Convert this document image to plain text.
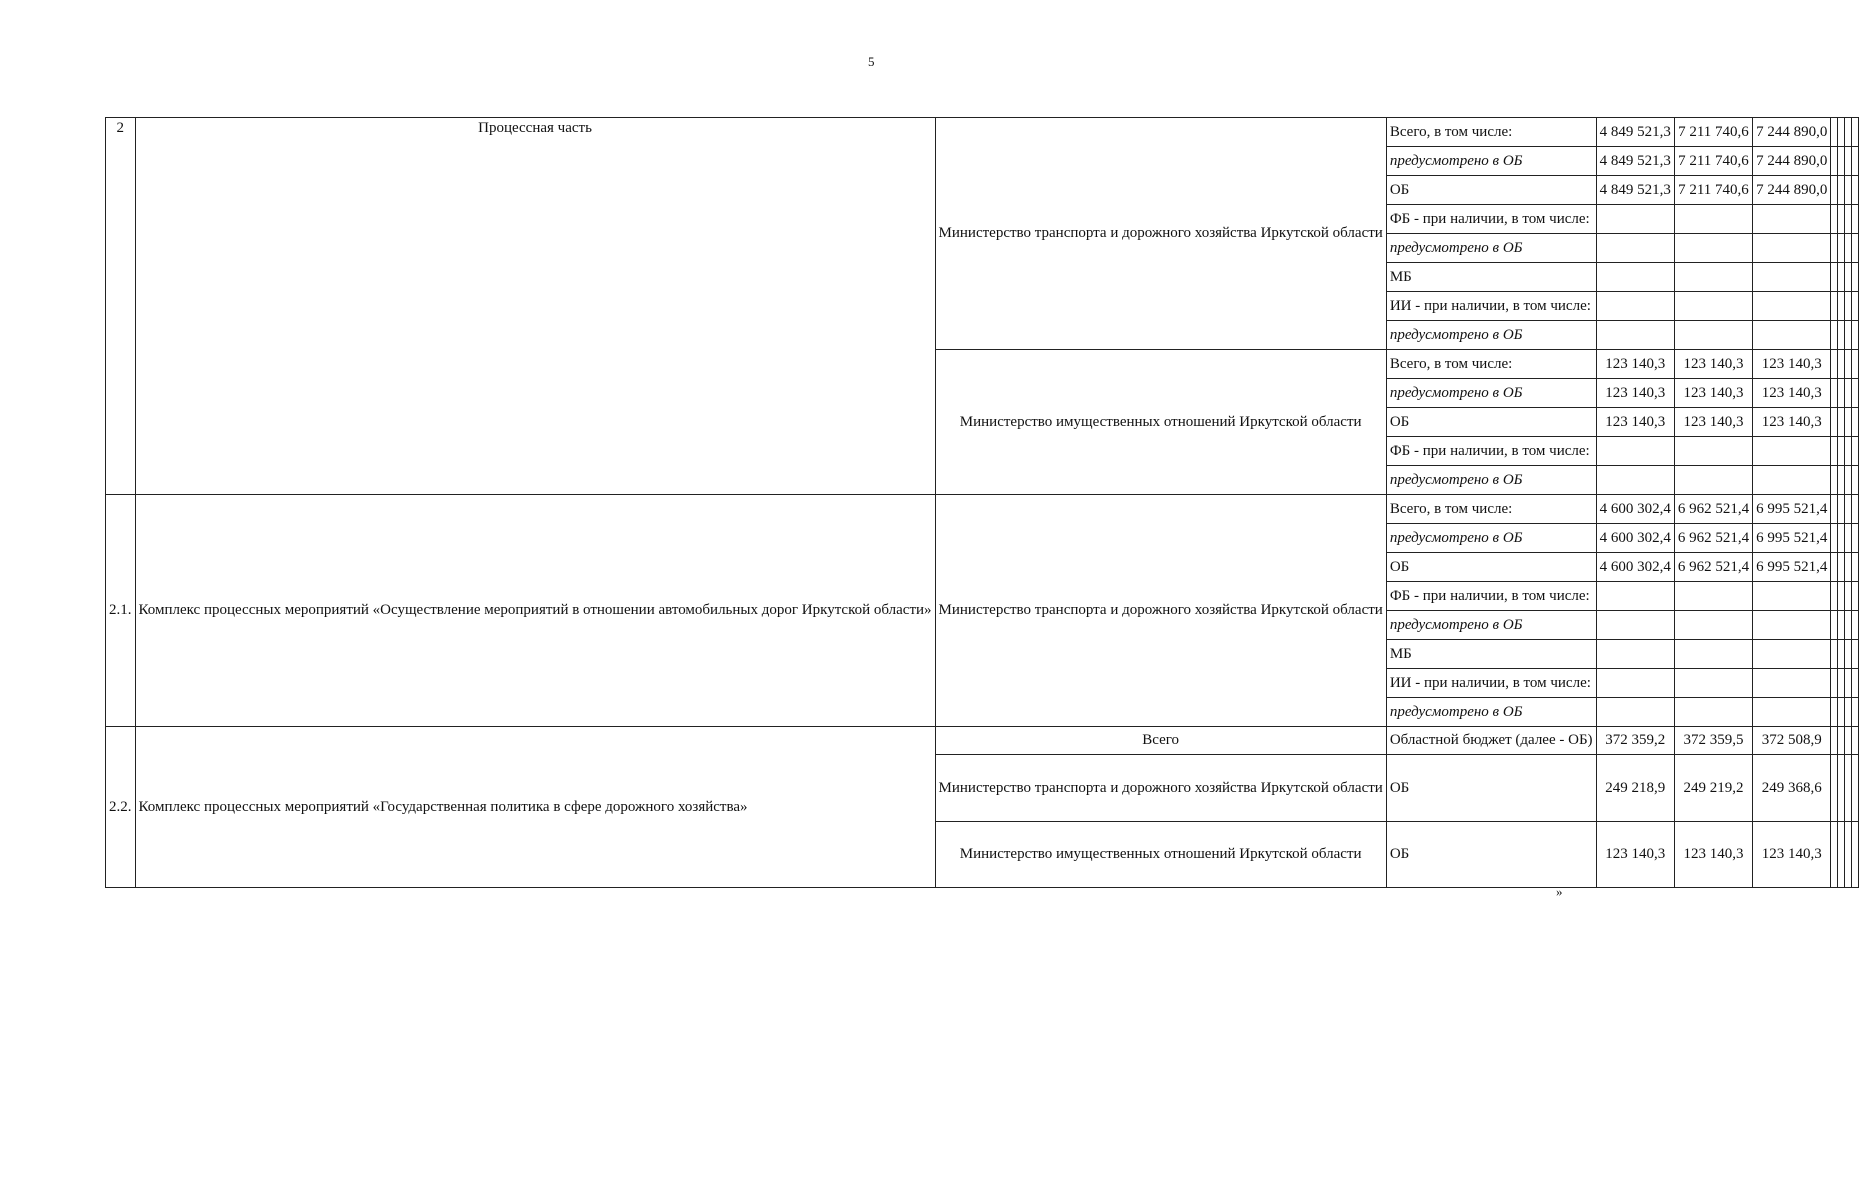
5
2	Процессная часть	Министерство транспорта и дорожного хозяйства Иркутской области	Всего, в том числе:	4 849 521,3	7 211 740,6	7 244 890,0				
			предусмотрено в ОБ	4 849 521,3	7 211 740,6	7 244 890,0				
			ОБ	4 849 521,3	7 211 740,6	7 244 890,0				
			ФБ - при наличии, в том числе:							
			предусмотрено в ОБ							
			МБ							
			ИИ - при наличии, в том числе:							
			предусмотрено в ОБ							
		Министерство имущественных отношений Иркутской области	Всего, в том числе:	123 140,3	123 140,3	123 140,3				
			предусмотрено в ОБ	123 140,3	123 140,3	123 140,3				
			ОБ	123 140,3	123 140,3	123 140,3				
			ФБ - при наличии, в том числе:							
			предусмотрено в ОБ							
2.1.	Комплекс процессных мероприятий «Осуществление мероприятий в отношении автомобильных дорог Иркутской области»	Министерство транспорта и дорожного хозяйства Иркутской области	Всего, в том числе:	4 600 302,4	6 962 521,4	6 995 521,4				
			предусмотрено в ОБ	4 600 302,4	6 962 521,4	6 995 521,4				
			ОБ	4 600 302,4	6 962 521,4	6 995 521,4				
			ФБ - при наличии, в том числе:							
			предусмотрено в ОБ							
			МБ							
			ИИ - при наличии, в том числе:							
			предусмотрено в ОБ							
2.2.	Комплекс процессных мероприятий «Государственная политика в сфере дорожного хозяйства»	Всего	Областной бюджет (далее - ОБ)	372 359,2	372 359,5	372 508,9				
		Министерство транспорта и дорожного хозяйства Иркутской области	ОБ	249 218,9	249 219,2	249 368,6				
		Министерство имущественных отношений Иркутской области	ОБ	123 140,3	123 140,3	123 140,3				
»
